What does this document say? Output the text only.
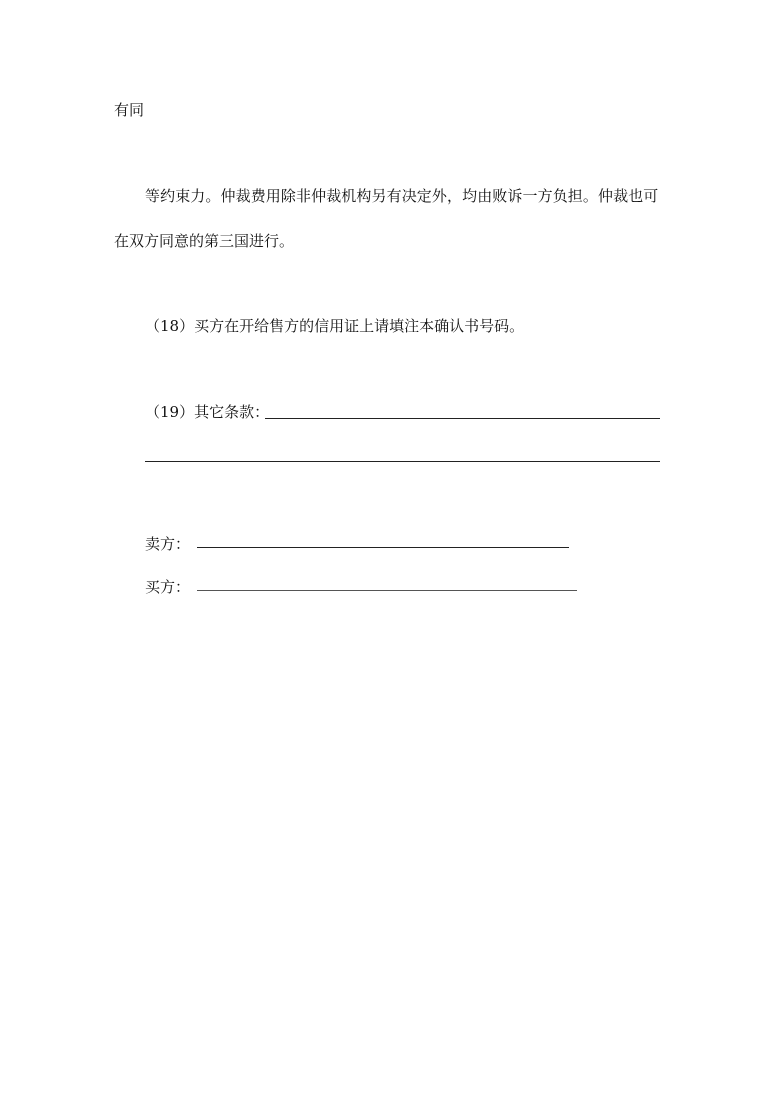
有同
等约束力。仲裁费用除非仲裁机构另有决定外，均由败诉一方负担。仲裁也可
在双方同意的第三国进行。
（18）买方在开给售方的信用证上请填注本确认书号码。
（19）其它条款：
卖方：
买方：
